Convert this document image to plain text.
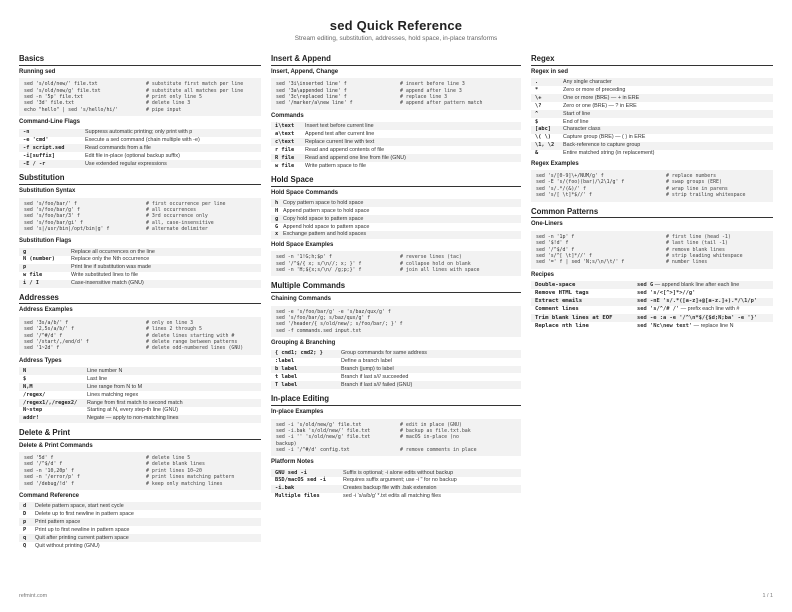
sed Quick Reference
Stream editing, substitution, addresses, hold space, in-place transforms
Basics
Running sed
sed 's/old/new/' file.txt	# substitute first match per line
sed 's/old/new/g' file.txt	# substitute all matches per line
sed -n '5p' file.txt	# print only line 5
sed '3d' file.txt	# delete line 3
echo "hello" | sed 's/hello/hi/'	# pipe input
Command-Line Flags
-n	Suppress automatic printing; only print with p
-e 'cmd'	Execute a sed command (chain multiple with -e)
-f script.sed	Read commands from a file
-i[suffix]	Edit file in-place (optional backup suffix)
-E / -r	Use extended regular expressions
Substitution
Substitution Syntax
sed 's/foo/bar/' f	# first occurrence per line
sed 's/foo/bar/g' f	# all occurrences
sed 's/foo/bar/3' f	# 3rd occurrence only
sed 's/foo/bar/gi' f	# all, case-insensitive
sed 's|/usr/bin|/opt/bin|g' f	# alternate delimiter
Substitution Flags
g	Replace all occurrences on the line
N (number)	Replace only the Nth occurrence
p	Print line if substitution was made
w file	Write substituted lines to file
i / I	Case-insensitive match (GNU)
Addresses
Address Examples
sed '3s/a/b/' f	# only on line 3
sed '2,5s/a/b/' f	# lines 2 through 5
sed '/^#/d' f	# delete lines starting with #
sed '/start/,/end/d' f	# delete range between patterns
sed '1~2d' f	# delete odd-numbered lines (GNU)
Address Types
N	Line number N
$	Last line
N,M	Line range from N to M
/regex/	Lines matching regex
/regex1/,/regex2/	Range from first match to second match
N~step	Starting at N, every step-th line (GNU)
addr!	Negate — apply to non-matching lines
Delete & Print
Delete & Print Commands
sed '5d' f	# delete line 5
sed '/^$/d' f	# delete blank lines
sed -n '10,20p' f	# print lines 10–20
sed -n '/error/p' f	# print lines matching pattern
sed '/debug/!d' f	# keep only matching lines
Command Reference
d	Delete pattern space, start next cycle
D	Delete up to first newline in pattern space
p	Print pattern space
P	Print up to first newline in pattern space
q	Quit after printing current pattern space
Q	Quit without printing (GNU)
Insert & Append
Insert, Append, Change
sed '3i\inserted line' f	# insert before line 3
sed '3a\appended line' f	# append after line 3
sed '3c\replaced line' f	# replace line 3
sed '/marker/a\new line' f	# append after pattern match
Commands
i\text	Insert text before current line
a\text	Append text after current line
c\text	Replace current line with text
r file	Read and append contents of file
R file	Read and append one line from file (GNU)
w file	Write pattern space to file
Hold Space
Hold Space Commands
h Copy pattern space to hold space
H Append pattern space to hold space
g Copy hold space to pattern space
G Append hold space to pattern space
x Exchange pattern and hold spaces
Hold Space Examples
sed -n '1!G;h;$p' f	# reverse lines (tac)
sed '/^$/{ x; s/\n//; x; }' f	# collapse hold on blank
sed -n 'H;${x;s/\n/ /g;p;}' f	# join all lines with space
Multiple Commands
Chaining Commands
sed -e 's/foo/bar/g' -e 's/baz/qux/g' f
sed 's/foo/bar/g; s/baz/qux/g' f
sed '/header/{ s/old/new/; s/foo/bar/; }' f
sed -f commands.sed input.txt
Grouping & Branching
{ cmd1; cmd2; }	Group commands for same address
:label	Define a branch label
b label	Branch (jump) to label
t label	Branch if last s/// succeeded
T label	Branch if last s/// failed (GNU)
In-place Editing
In-place Examples
sed -i 's/old/new/g' file.txt	# edit in place (GNU)
sed -i.bak 's/old/new/' file.txt	# backup as file.txt.bak
sed -i '' 's/old/new/g' file.txt	# macOS in-place (no
backup)
sed -i '/^#/d' config.txt	# remove comments in place
Platform Notes
GNU sed -i	Suffix is optional; -i alone edits without backup
BSD/macOS sed -i	Requires suffix argument; use -i '' for no backup
-i.bak	Creates backup file with .bak extension
Multiple files	sed -i 's/a/b/g' *.txt edits all matching files
Regex
Regex in sed
.	Any single character
*	Zero or more of preceding
\+	One or more (BRE) — + in ERE
\?	Zero or one (BRE) — ? in ERE
^	Start of line
$	End of line
[abc]	Character class
\( \)	Capture group (BRE) — ( ) in ERE
\1, \2	Back-reference to capture group
&	Entire matched string (in replacement)
Regex Examples
sed 's/[0-9]\+/NUM/g' f	# replace numbers
sed -E 's/(foo)(bar)/\2\1/g' f	# swap groups (ERE)
sed 's/.*/(&)/' f	# wrap line in parens
sed 's/[ \t]*$//' f	# strip trailing whitespace
Common Patterns
One-Liners
sed -n '1p' f	# first line (head -1)
sed '$!d' f	# last line (tail -1)
sed '/^$/d' f	# remove blank lines
sed 's/^[ \t]*//' f	# strip leading whitespace
sed '=' f | sed 'N;s/\n/\t/' f	# number lines
Recipes
Double-space	sed G — append blank line after each line
Remove HTML tags	sed 's/<[^>]*>//g'
Extract emails	sed -nE 's/.*([a-z]+@[a-z.]+).*/\1/p'
Comment lines	sed 's/^/# /' — prefix each line with #
Trim blank lines at EOF	sed -e :a -e '/^\n*$/{$d;N;ba' -e '}'
Replace nth line	sed 'Nc\new text' — replace line N
refmint.com	1 / 1
